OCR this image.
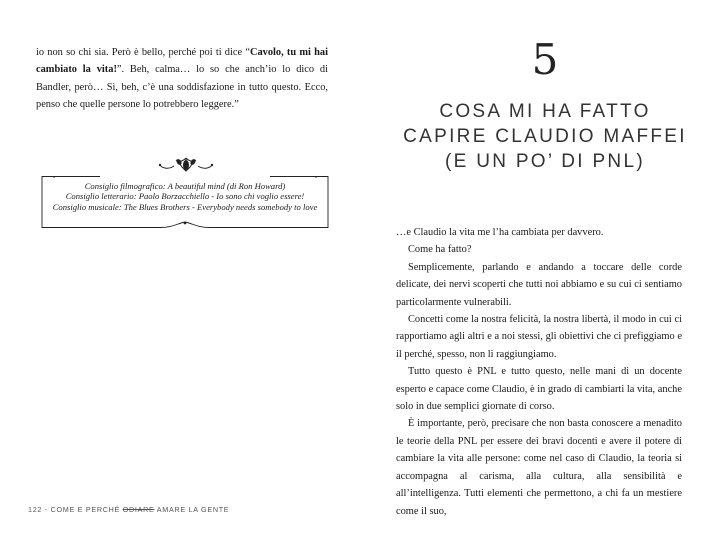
io non so chi sia. Però è bello, perché poi ti dice “Cavolo, tu mi hai cambiato la vita!”. Beh, calma… lo so che anch’io lo dico di Bandler, però… Sì, beh, c’è una soddisfazione in tutto questo. Ecco, penso che quelle persone lo potrebbero leggere.”

Consiglio filmografico: A beautiful mind (di Ron Howard)
Consiglio letterario: Paolo Borzacchiello - Io sono chi voglio essere!
Consiglio musicale: The Blues Brothers - Everybody needs somebody to love
122 - COME E PERCHÉ ODIARE AMARE LA GENTE
5
COSA MI HA FATTO
CAPIRE CLAUDIO MAFFEI
(E UN PO’ DI PNL)

…e Claudio la vita me l’ha cambiata per davvero.

Come ha fatto?

Semplicemente, parlando e andando a toccare delle corde delicate, dei nervi scoperti che tutti noi abbiamo e su cui ci sentiamo particolarmente vulnerabili.

Concetti come la nostra felicità, la nostra libertà, il modo in cui ci rapportiamo agli altri e a noi stessi, gli obiettivi che ci prefiggiamo e il perché, spesso, non li raggiungiamo.

Tutto questo è PNL e tutto questo, nelle mani di un docente esperto e capace come Claudio, è in grado di cambiarti la vita, anche solo in due semplici giornate di corso.

È importante, però, precisare che non basta conoscere a menadito le teorie della PNL per essere dei bravi docenti e avere il potere di cambiare la vita alle persone: come nel caso di Claudio, la teoria si accompagna al carisma, alla cultura, alla sensibilità e all’intelligenza. Tutti elementi che permettono, a chi fa un mestiere come il suo,
